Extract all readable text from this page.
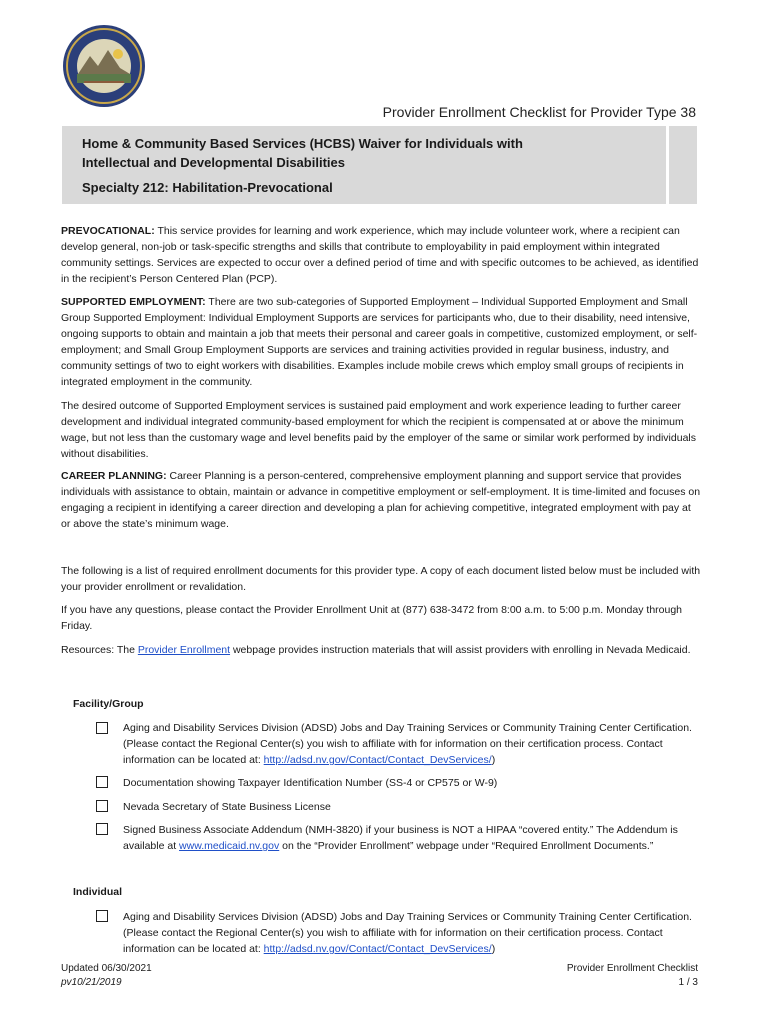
Provider Enrollment Checklist for Provider Type 38
Home & Community Based Services (HCBS) Waiver for Individuals with
Intellectual and Developmental Disabilities
Specialty 212: Habilitation-Prevocational

PREVOCATIONAL: This service provides for learning and work experience, which may include volunteer work, where a recipient can develop general, non-job or task-specific strengths and skills that contribute to employability in paid employment within integrated community settings. Services are expected to occur over a defined period of time and with specific outcomes to be achieved, as identified in the recipient’s Person Centered Plan (PCP).

SUPPORTED EMPLOYMENT: There are two sub-categories of Supported Employment – Individual Supported Employment and Small Group Supported Employment: Individual Employment Supports are services for participants who, due to their disability, need intensive, ongoing supports to obtain and maintain a job that meets their personal and career goals in competitive, customized employment, or self-employment; and Small Group Employment Supports are services and training activities provided in regular business, industry, and community settings of two to eight workers with disabilities. Examples include mobile crews which employ small groups of recipients in integrated employment in the community.

The desired outcome of Supported Employment services is sustained paid employment and work experience leading to further career development and individual integrated community-based employment for which the recipient is compensated at or above the minimum wage, but not less than the customary wage and level benefits paid by the employer of the same or similar work performed by individuals without disabilities.

CAREER PLANNING: Career Planning is a person-centered, comprehensive employment planning and support service that provides individuals with assistance to obtain, maintain or advance in competitive employment or self-employment. It is time-limited and focuses on engaging a recipient in identifying a career direction and developing a plan for achieving competitive, integrated employment with pay at or above the state’s minimum wage.

The following is a list of required enrollment documents for this provider type. A copy of each document listed below must be included with your provider enrollment or revalidation.

If you have any questions, please contact the Provider Enrollment Unit at (877) 638-3472 from 8:00 a.m. to 5:00 p.m. Monday through Friday.

Resources: The Provider Enrollment webpage provides instruction materials that will assist providers with enrolling in Nevada Medicaid.

Facility/Group
Aging and Disability Services Division (ADSD) Jobs and Day Training Services or Community Training Center Certification. (Please contact the Regional Center(s) you wish to affiliate with for information on their certification process. Contact information can be located at: http://adsd.nv.gov/Contact/Contact_DevServices/)
Documentation showing Taxpayer Identification Number (SS-4 or CP575 or W-9)
Nevada Secretary of State Business License
Signed Business Associate Addendum (NMH-3820) if your business is NOT a HIPAA “covered entity.” The Addendum is available at www.medicaid.nv.gov on the “Provider Enrollment” webpage under “Required Enrollment Documents.”
Individual
Aging and Disability Services Division (ADSD) Jobs and Day Training Services or Community Training Center Certification. (Please contact the Regional Center(s) you wish to affiliate with for information on their certification process. Contact information can be located at: http://adsd.nv.gov/Contact/Contact_DevServices/)
Updated 06/30/2021
pv10/21/2019
Provider Enrollment Checklist
1 / 3
